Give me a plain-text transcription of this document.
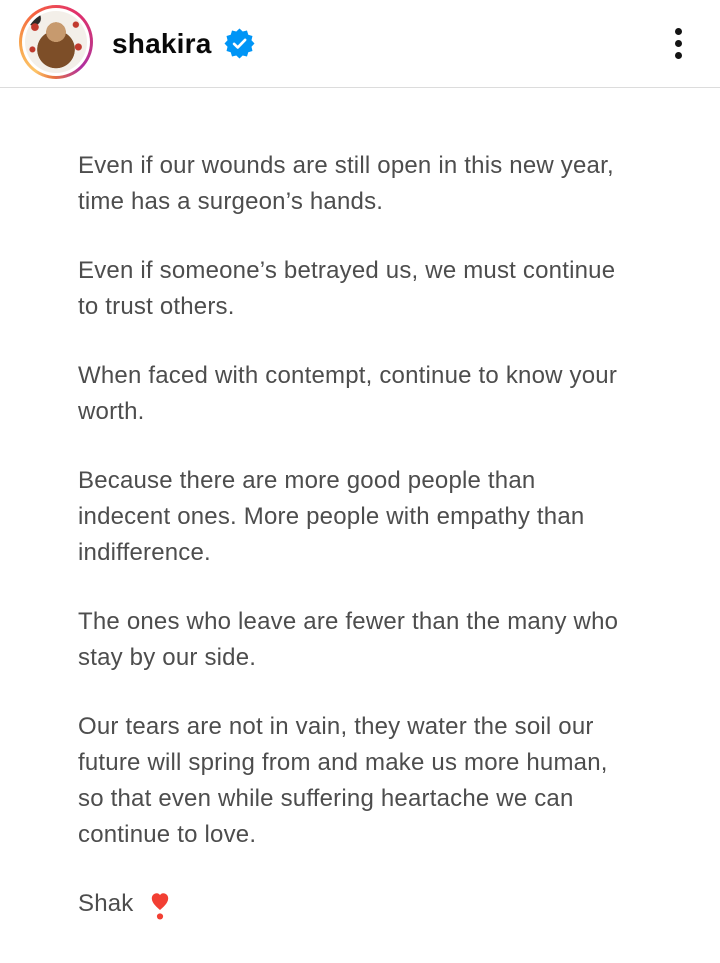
shakira

Even if our wounds are still open in this new year,
time has a surgeon’s hands.

Even if someone’s betrayed us, we must continue
to trust others.

When faced with contempt, continue to know your
worth.

Because there are more good people than
indecent ones. More people with empathy than
indifference.

The ones who leave are fewer than the many who
stay by our side.

Our tears are not in vain, they water the soil our
future will spring from and make us more human,
so that even while suffering heartache we can
continue to love.

Shak
